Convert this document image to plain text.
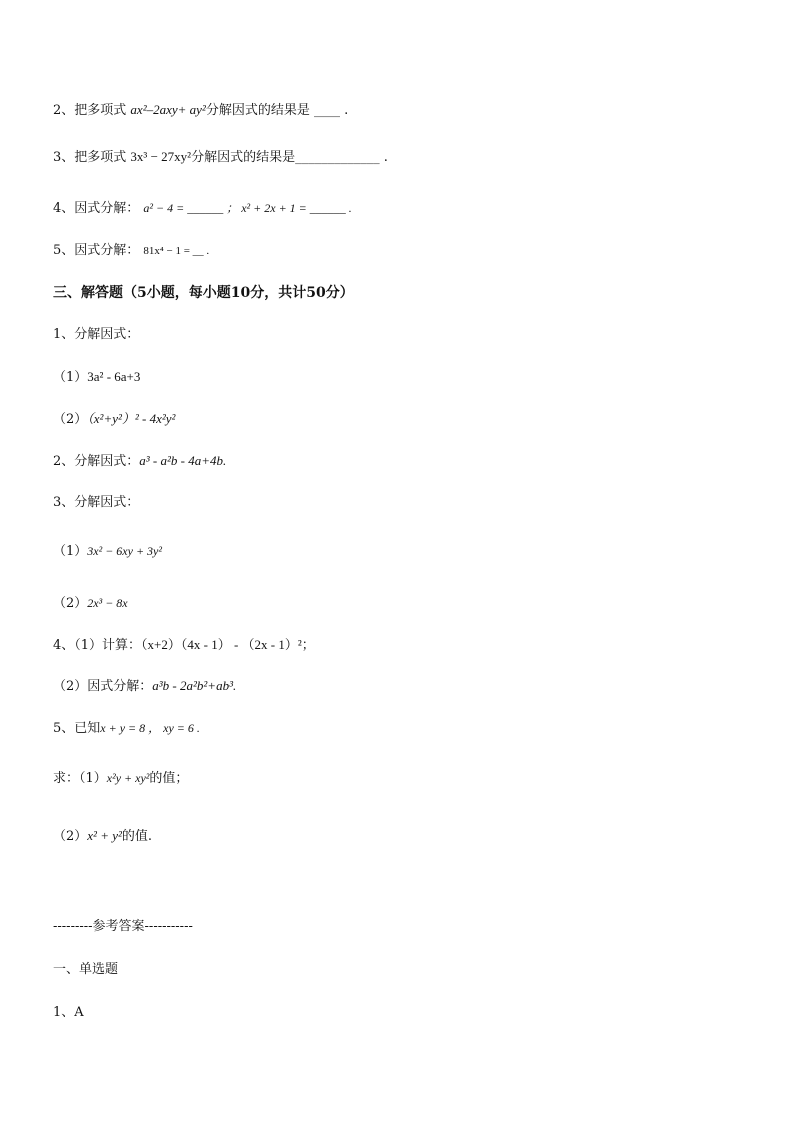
2、把多项式 ax²–2axy+ ay²分解因式的结果是 ____ .
3、把多项式 3x³ − 27xy²分解因式的结果是_____________ .
4、因式分解： a² − 4 = ______ ； x² + 2x + 1 = ______ .
5、因式分解： 81x⁴ − 1 = __ .
三、解答题（5小题，每小题10分，共计50分）
1、分解因式：
（1）3a² - 6a+3
（2）（x²+y²）² - 4x²y²
2、分解因式：a³ - a²b - 4a+4b.
3、分解因式：
（1）3x² − 6xy + 3y²
（2）2x³ − 8x
4、（1）计算：（x+2）（4x - 1） - （2x - 1）²；
（2）因式分解：a³b - 2a²b²+ab³.
5、已知x + y = 8 ， xy = 6 .
求：（1）x²y + xy²的值；
（2）x² + y²的值.
---------参考答案-----------
一、单选题
1、A
